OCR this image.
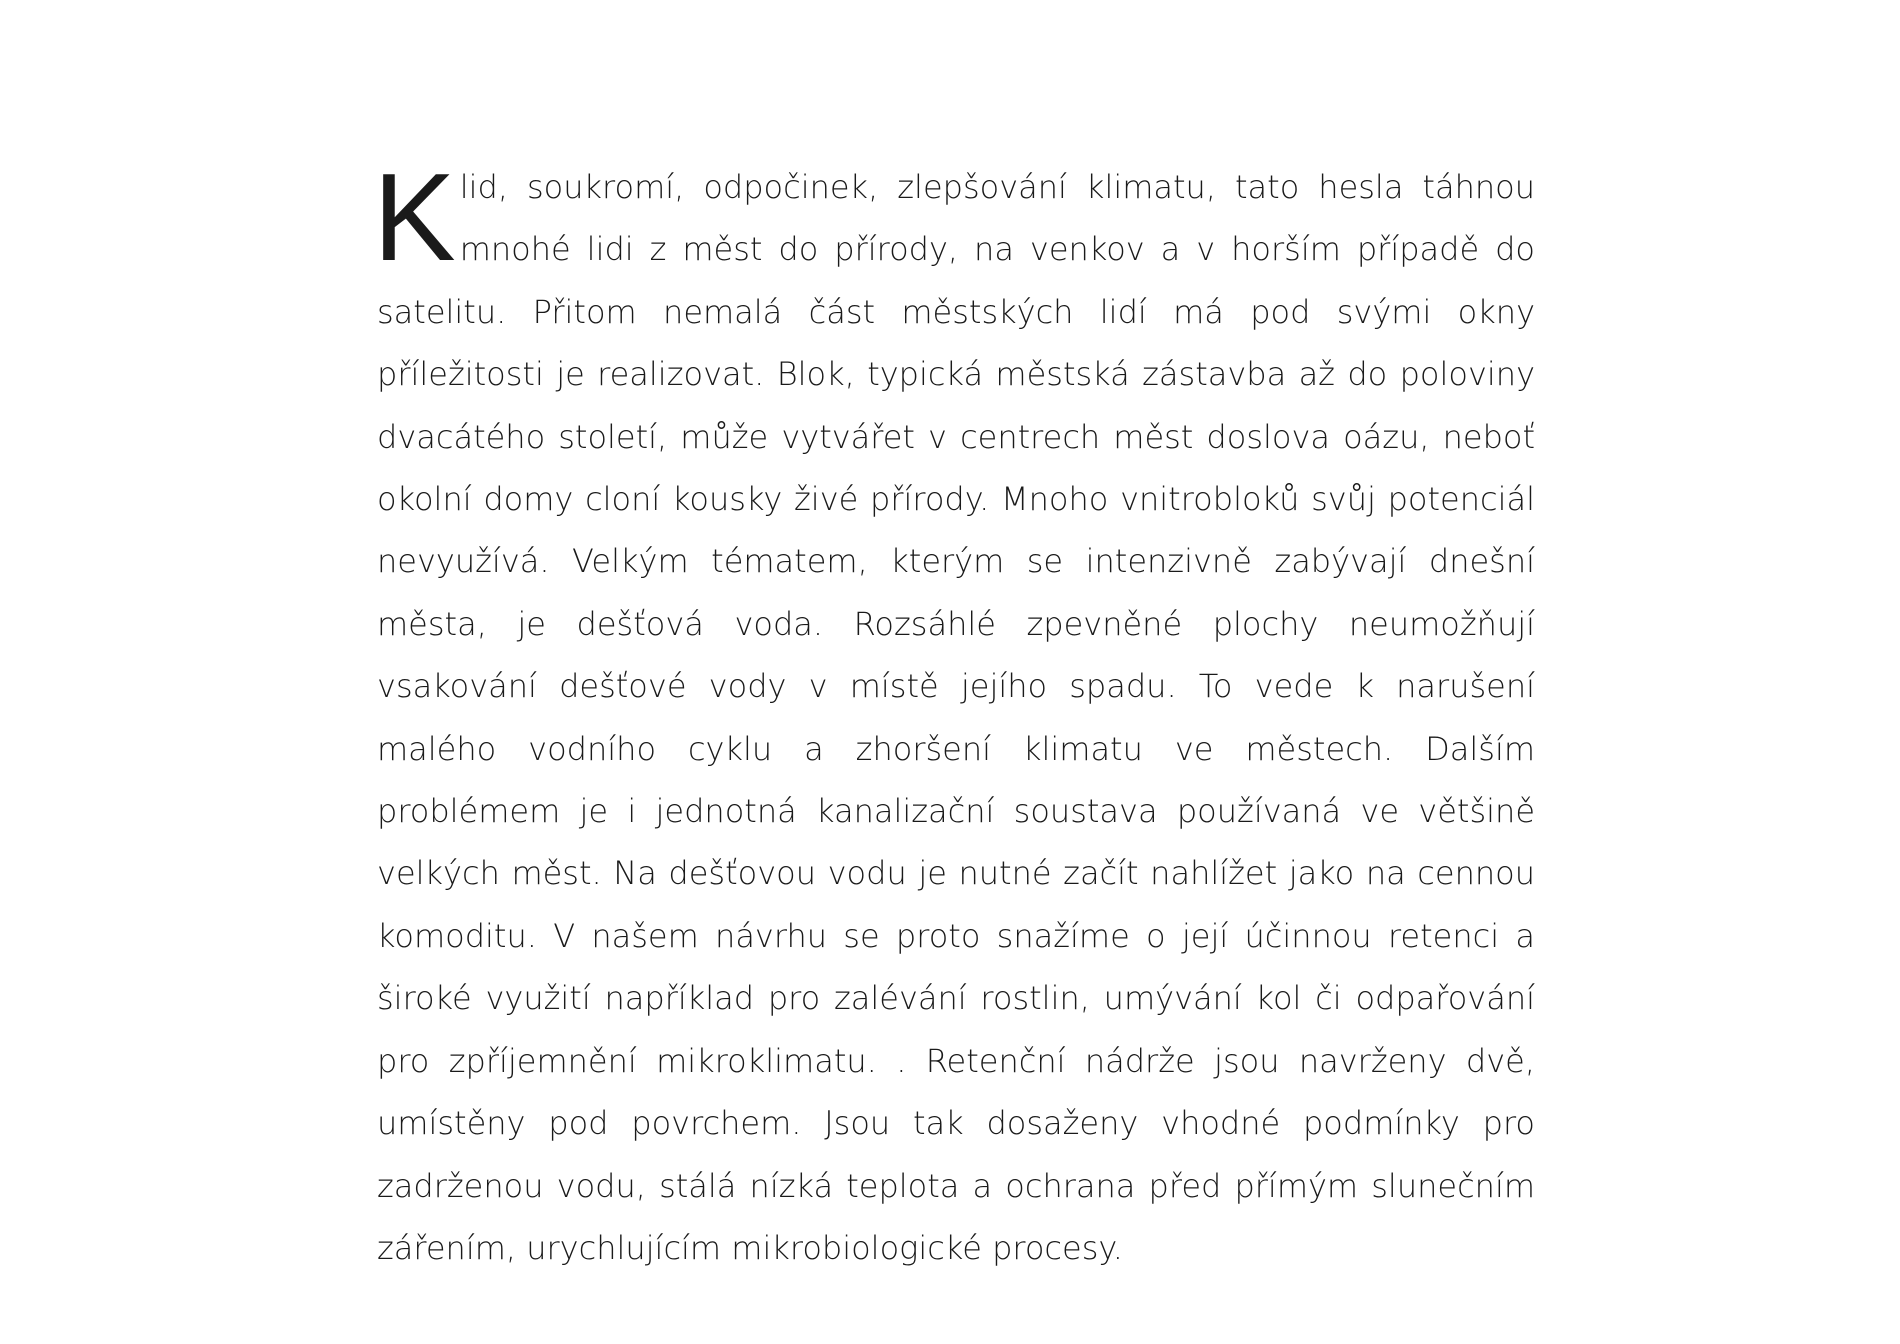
Klid, soukromí, odpočinek, zlepšování klimatu, tato hesla táhnou mnohé lidi z měst do přírody, na venkov a v horším případě do satelitu. Přitom nemalá část městských lidí má pod svými okny příležitosti je realizovat. Blok, typická městská zástavba až do poloviny dvacátého století, může vytvářet v centrech měst doslova oázu, neboť okolní domy cloní kousky živé přírody. Mnoho vnitrobloků svůj potenciál nevyužívá. Velkým tématem, kterým se intenzivně zabývají dnešní města, je dešťová voda. Rozsáhlé zpevněné plochy neumožňují vsakování dešťové vody v místě jejího spadu. To vede k narušení malého vodního cyklu a zhoršení klimatu ve městech. Dalším problémem je i jednotná kanalizační soustava používaná ve většině velkých měst. Na dešťovou vodu je nutné začít nahlížet jako na cennou komoditu. V našem návrhu se proto snažíme o její účinnou retenci a široké využití například pro zalévání rostlin, umývání kol či odpařování pro zpříjemnění mikroklimatu. . Retenční nádrže jsou navrženy dvě, umístěny pod povrchem. Jsou tak dosaženy vhodné podmínky pro zadrženou vodu, stálá nízká teplota a ochrana před přímým slunečním zářením, urychlujícím mikrobiologické procesy.
